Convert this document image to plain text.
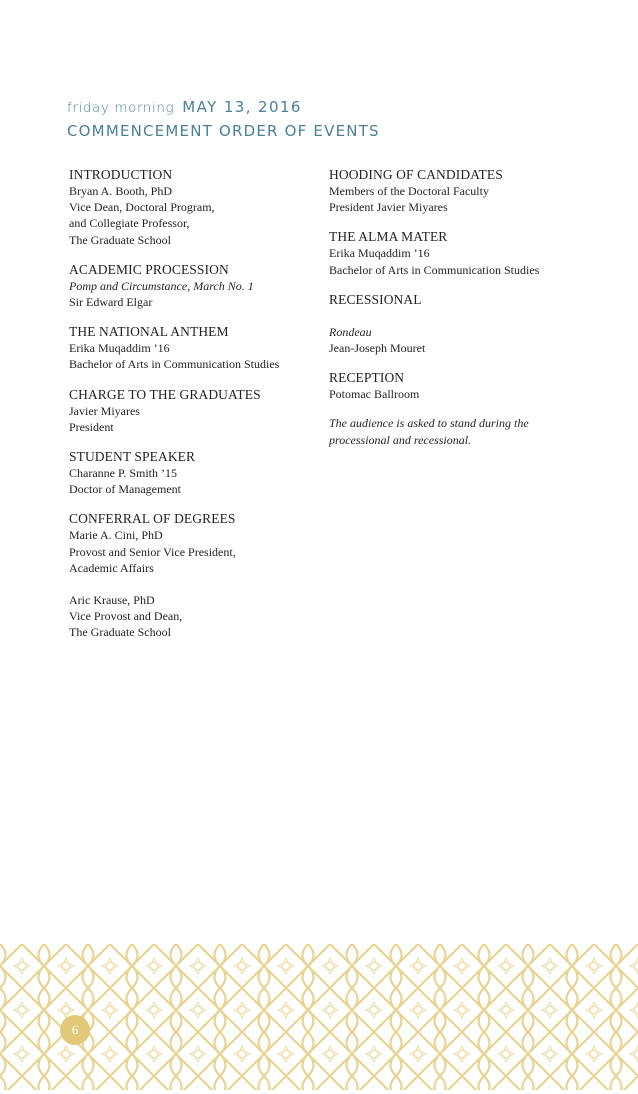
friday morning MAY 13, 2016
COMMENCEMENT ORDER OF EVENTS
INTRODUCTION
Bryan A. Booth, PhD
Vice Dean, Doctoral Program,
and Collegiate Professor,
The Graduate School
ACADEMIC PROCESSION
Pomp and Circumstance, March No. 1
Sir Edward Elgar
THE NATIONAL ANTHEM
Erika Muqaddim ’16
Bachelor of Arts in Communication Studies
CHARGE TO THE GRADUATES
Javier Miyares
President
STUDENT SPEAKER
Charanne P. Smith ’15
Doctor of Management
CONFERRAL OF DEGREES
Marie A. Cini, PhD
Provost and Senior Vice President,
Academic Affairs
Aric Krause, PhD
Vice Provost and Dean,
The Graduate School
HOODING OF CANDIDATES
Members of the Doctoral Faculty
President Javier Miyares
THE ALMA MATER
Erika Muqaddim ’16
Bachelor of Arts in Communication Studies
RECESSIONAL
Rondeau
Jean-Joseph Mouret
RECEPTION
Potomac Ballroom
The audience is asked to stand during the
processional and recessional.
6
